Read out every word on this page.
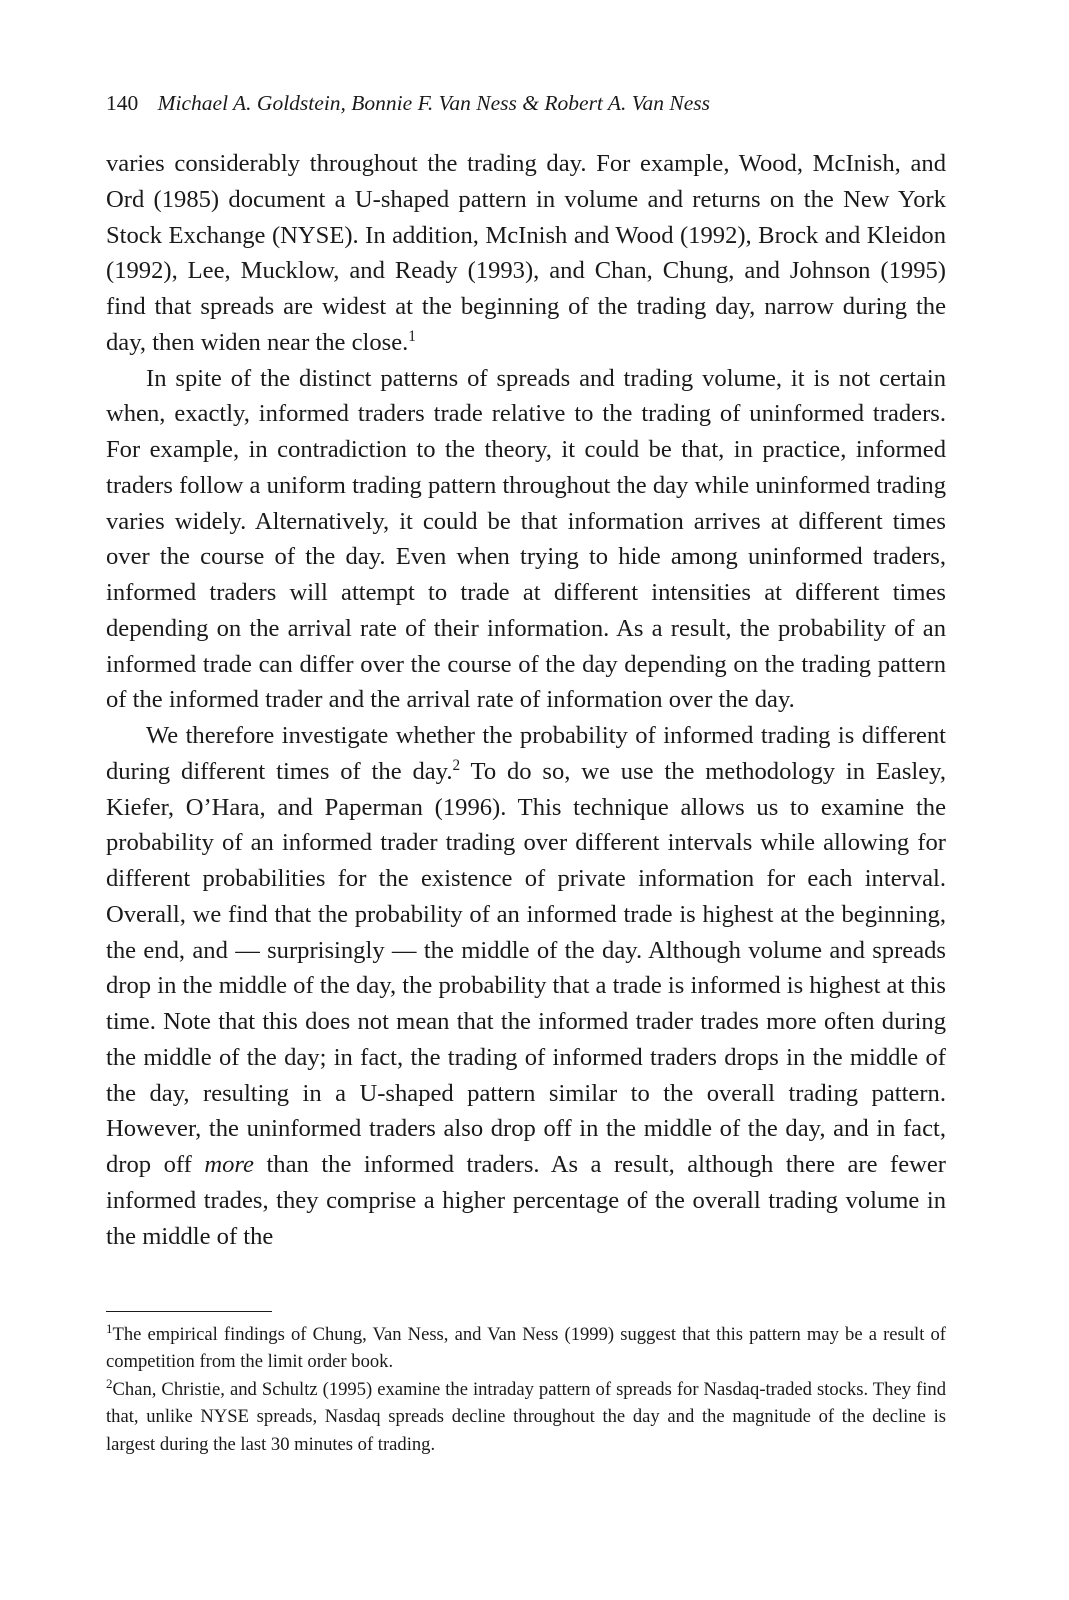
140 Michael A. Goldstein, Bonnie F. Van Ness & Robert A. Van Ness

varies considerably throughout the trading day. For example, Wood, McInish, and Ord (1985) document a U-shaped pattern in volume and returns on the New York Stock Exchange (NYSE). In addition, McInish and Wood (1992), Brock and Kleidon (1992), Lee, Mucklow, and Ready (1993), and Chan, Chung, and Johnson (1995) find that spreads are widest at the beginning of the trading day, narrow during the day, then widen near the close.$^1$

In spite of the distinct patterns of spreads and trading volume, it is not certain when, exactly, informed traders trade relative to the trading of uninformed traders. For example, in contradiction to the theory, it could be that, in practice, informed traders follow a uniform trading pattern throughout the day while uninformed trading varies widely. Alternatively, it could be that information arrives at different times over the course of the day. Even when trying to hide among uninformed traders, informed traders will attempt to trade at different intensities at different times depending on the arrival rate of their information. As a result, the probability of an informed trade can differ over the course of the day depending on the trading pattern of the informed trader and the arrival rate of information over the day.

We therefore investigate whether the probability of informed trading is different during different times of the day.$^2$ To do so, we use the methodology in Easley, Kiefer, O’Hara, and Paperman (1996). This technique allows us to examine the probability of an informed trader trading over different intervals while allowing for different probabilities for the existence of private information for each interval. Overall, we find that the probability of an informed trade is highest at the beginning, the end, and — surprisingly — the middle of the day. Although volume and spreads drop in the middle of the day, the probability that a trade is informed is highest at this time. Note that this does not mean that the informed trader trades more often during the middle of the day; in fact, the trading of informed traders drops in the middle of the day, resulting in a U-shaped pattern similar to the overall trading pattern. However, the uninformed traders also drop off in the middle of the day, and in fact, drop off more than the informed traders. As a result, although there are fewer informed trades, they comprise a higher percentage of the overall trading volume in the middle of the

$^1$The empirical findings of Chung, Van Ness, and Van Ness (1999) suggest that this pattern may be a result of competition from the limit order book.

$^2$Chan, Christie, and Schultz (1995) examine the intraday pattern of spreads for Nasdaq-traded stocks. They find that, unlike NYSE spreads, Nasdaq spreads decline throughout the day and the magnitude of the decline is largest during the last 30 minutes of trading.
